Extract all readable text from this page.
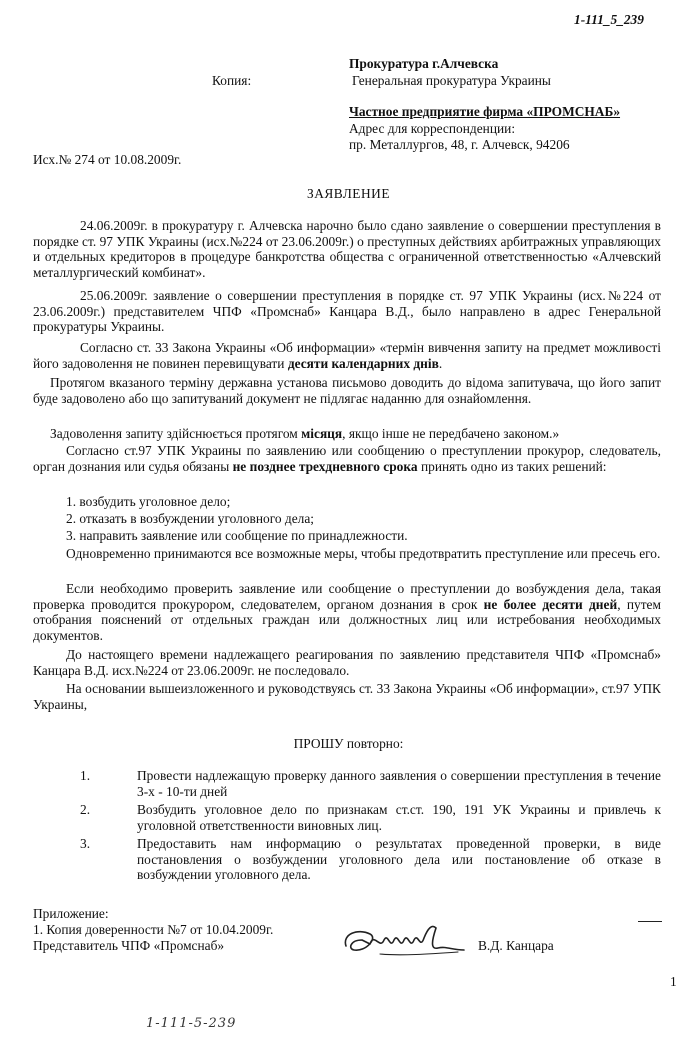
1-111_5_239
Прокуратура г.Алчевска
Копия:	Генеральная прокуратура Украины
Частное предприятие фирма «ПРОМСНАБ»
Адрес для корреспонденции:
пр. Металлургов, 48, г. Алчевск, 94206
Исх.№ 274 от 10.08.2009г.
ЗАЯВЛЕНИЕ
24.06.2009г. в прокуратуру г. Алчевска нарочно было сдано заявление о совершении преступления в порядке ст. 97 УПК Украины (исх.№224 от 23.06.2009г.) о преступных действиях арбитражных управляющих и отдельных кредиторов в процедуре банкротства общества с ограниченной ответственностью «Алчевский металлургический комбинат».
25.06.2009г. заявление о совершении преступления в порядке ст. 97 УПК Украины (исх.№224 от 23.06.2009г.) представителем ЧПФ «Промснаб» Канцара В.Д., было направлено в адрес Генеральной прокуратуры Украины.
Согласно ст. 33 Закона Украины «Об информации» «термін вивчення запиту на предмет можливості його задоволення не повинен перевищувати десяти календарних днів.
Протягом вказаного терміну державна установа письмово доводить до відома запитувача, що його запит буде задоволено або що запитуваний документ не підлягає наданню для ознайомлення.
Задоволення запиту здійснюється протягом місяця, якщо інше не передбачено законом.»
Согласно ст.97 УПК Украины по заявлению или сообщению о преступлении прокурор, следователь, орган дознания или судья обязаны не позднее трехдневного срока принять одно из таких решений:
1. возбудить уголовное дело;
2. отказать в возбуждении уголовного дела;
3. направить заявление или сообщение по принадлежности.
Одновременно принимаются все возможные меры, чтобы предотвратить преступление или пресечь его.
Если необходимо проверить заявление или сообщение о преступлении до возбуждения дела, такая проверка проводится прокурором, следователем, органом дознания в срок не более десяти дней, путем отобрания пояснений от отдельных граждан или должностных лиц или истребования необходимых документов.
До настоящего времени надлежащего реагирования по заявлению представителя ЧПФ «Промснаб» Канцара В.Д. исх.№224 от 23.06.2009г. не последовало.
На основании вышеизложенного и руководствуясь ст. 33 Закона Украины «Об информации», ст.97 УПК Украины,
ПРОШУ повторно:
1.	Провести надлежащую проверку данного заявления о совершении преступления в течение 3-х - 10-ти дней
2.	Возбудить уголовное дело по признакам ст.ст. 190, 191 УК Украины и привлечь к уголовной ответственности виновных лиц.
3.	Предоставить нам информацию о результатах проведенной проверки, в виде постановления о возбуждении уголовного дела или постановление об отказе в возбуждении уголовного дела.
Приложение:
1. Копия доверенности №7 от 10.04.2009г.
Представитель ЧПФ «Промснаб»	В.Д. Канцара
1
1-111-5-239
